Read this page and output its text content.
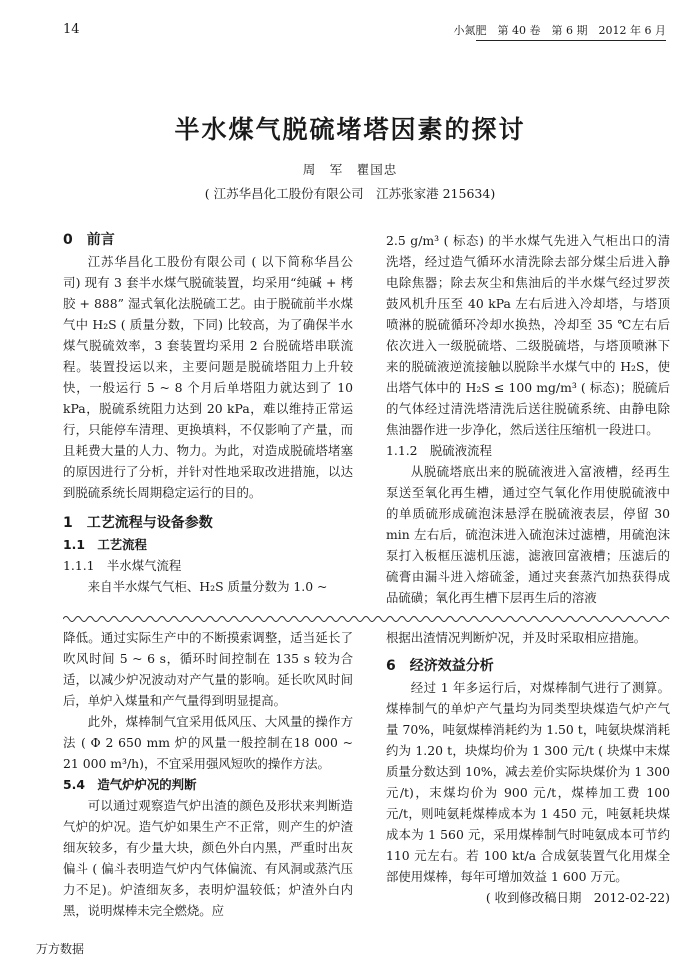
14	小氮肥　第 40 卷　第 6 期　2012 年 6 月
半水煤气脱硫堵塔因素的探讨
周　军　瞿国忠
( 江苏华昌化工股份有限公司　江苏张家港 215634)

0　前言

江苏华昌化工股份有限公司 ( 以下简称华昌公司) 现有 3 套半水煤气脱硫装置，均采用“纯碱 + 栲胶 + 888” 湿式氧化法脱硫工艺。由于脱硫前半水煤气中 H₂S ( 质量分数，下同) 比较高，为了确保半水煤气脱硫效率，3 套装置均采用 2 台脱硫塔串联流程。装置投运以来，主要问题是脱硫塔阻力上升较快，一般运行 5 ~ 8 个月后单塔阻力就达到了 10 kPa，脱硫系统阻力达到 20 kPa，难以维持正常运行，只能停车清理、更换填料，不仅影响了产量，而且耗费大量的人力、物力。为此，对造成脱硫塔堵塞的原因进行了分析，并针对性地采取改进措施，以达到脱硫系统长周期稳定运行的目的。

1　工艺流程与设备参数

1.1　工艺流程

1.1.1　半水煤气流程

来自半水煤气气柜、H₂S 质量分数为 1.0 ~

2.5 g/m³ ( 标态) 的半水煤气先进入气柜出口的清洗塔，经过造气循环水清洗除去部分煤尘后进入静电除焦器；除去灰尘和焦油后的半水煤气经过罗茨鼓风机升压至 40 kPa 左右后进入冷却塔，与塔顶喷淋的脱硫循环冷却水换热，冷却至 35 ℃左右后依次进入一级脱硫塔、二级脱硫塔，与塔顶喷淋下来的脱硫液逆流接触以脱除半水煤气中的 H₂S，使出塔气体中的 H₂S ≤ 100 mg/m³ ( 标态)；脱硫后的气体经过清洗塔清洗后送往脱硫系统、由静电除焦油器作进一步净化，然后送往压缩机一段进口。

1.1.2　脱硫液流程

从脱硫塔底出来的脱硫液进入富液槽，经再生泵送至氧化再生槽，通过空气氧化作用使脱硫液中的单质硫形成硫泡沫悬浮在脱硫液表层，停留 30 min 左右后，硫泡沫进入硫泡沫过滤槽，用硫泡沫泵打入板框压滤机压滤，滤液回富液槽；压滤后的硫膏由漏斗进入熔硫釜，通过夹套蒸汽加热获得成品硫磺；氧化再生槽下层再生后的溶液

降低。通过实际生产中的不断摸索调整，适当延长了吹风时间 5 ~ 6 s，循环时间控制在 135 s 较为合适，以减少炉况波动对产气量的影响。延长吹风时间后，单炉入煤量和产气量得到明显提高。

此外，煤棒制气宜采用低风压、大风量的操作方法 ( Φ 2 650 mm 炉的风量一般控制在18 000 ~ 21 000 m³/h)，不宜采用强风短吹的操作方法。

5.4　造气炉炉况的判断

可以通过观察造气炉出渣的颜色及形状来判断造气炉的炉况。造气炉如果生产不正常，则产生的炉渣细灰较多，有少量大块，颜色外白内黑，严重时出灰偏斗 ( 偏斗表明造气炉内气体偏流、有风洞或蒸汽压力不足)。炉渣细灰多，表明炉温较低；炉渣外白内黑，说明煤棒未完全燃烧。应

根据出渣情况判断炉况，并及时采取相应措施。

6　经济效益分析

经过 1 年多运行后，对煤棒制气进行了测算。煤棒制气的单炉产气量均为同类型块煤造气炉产气量 70%，吨氨煤棒消耗约为 1.50 t，吨氨块煤消耗约为 1.20 t，块煤均价为 1 300 元/t ( 块煤中末煤质量分数达到 10%，减去差价实际块煤价为 1 300 元/t)，末煤均价为 900 元/t，煤棒加工费 100 元/t，则吨氨耗煤棒成本为 1 450 元，吨氨耗块煤成本为 1 560 元，采用煤棒制气时吨氨成本可节约 110 元左右。若 100 kt/a 合成氨装置气化用煤全部使用煤棒，每年可增加效益 1 600 万元。

( 收到修改稿日期　2012-02-22)

万方数据
